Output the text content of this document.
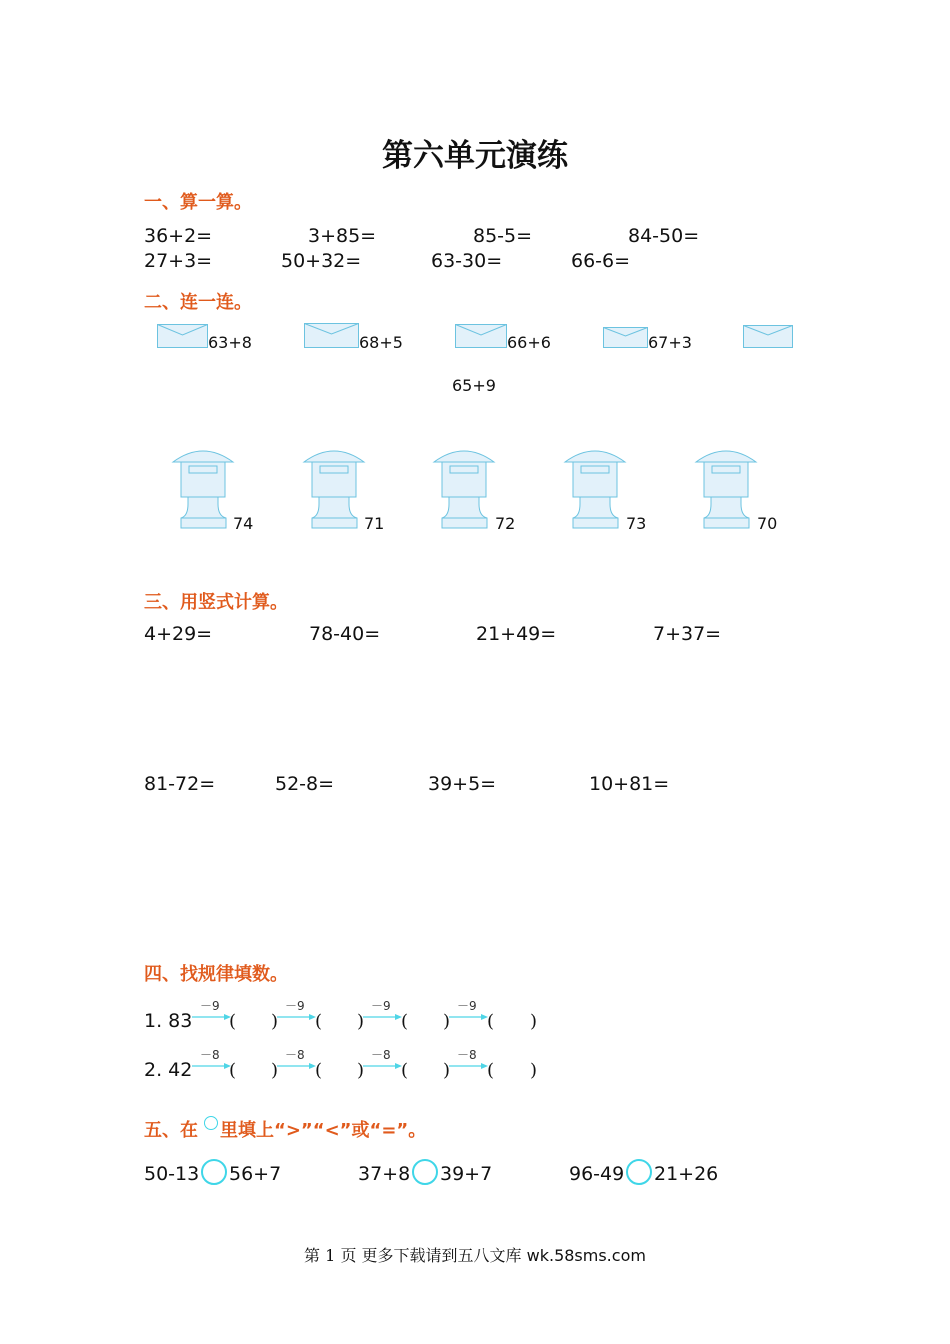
第六单元演练
一、算一算。
36+2=	3+85=	85-5=	84-50=
27+3=	50+32=	63-30=	66-6=
二、连一连。
63+8	68+5	66+6	67+3
65+9
74	71	72	73	70
三、用竖式计算。
4+29=	78-40=	21+49=	7+37=
81-72=	52-8=	39+5=	10+81=
四、找规律填数。
1. 83
－9
( )
－9
( )
－9
( )
－9
( )
2. 42
－8
( )
－8
( )
－8
( )
－8
( )
五、在 里填上“>”“<”或“=”。
50-13 56+7	37+8 39+7	96-49 21+26
第 1 页 更多下载请到五八文库 wk.58sms.com
